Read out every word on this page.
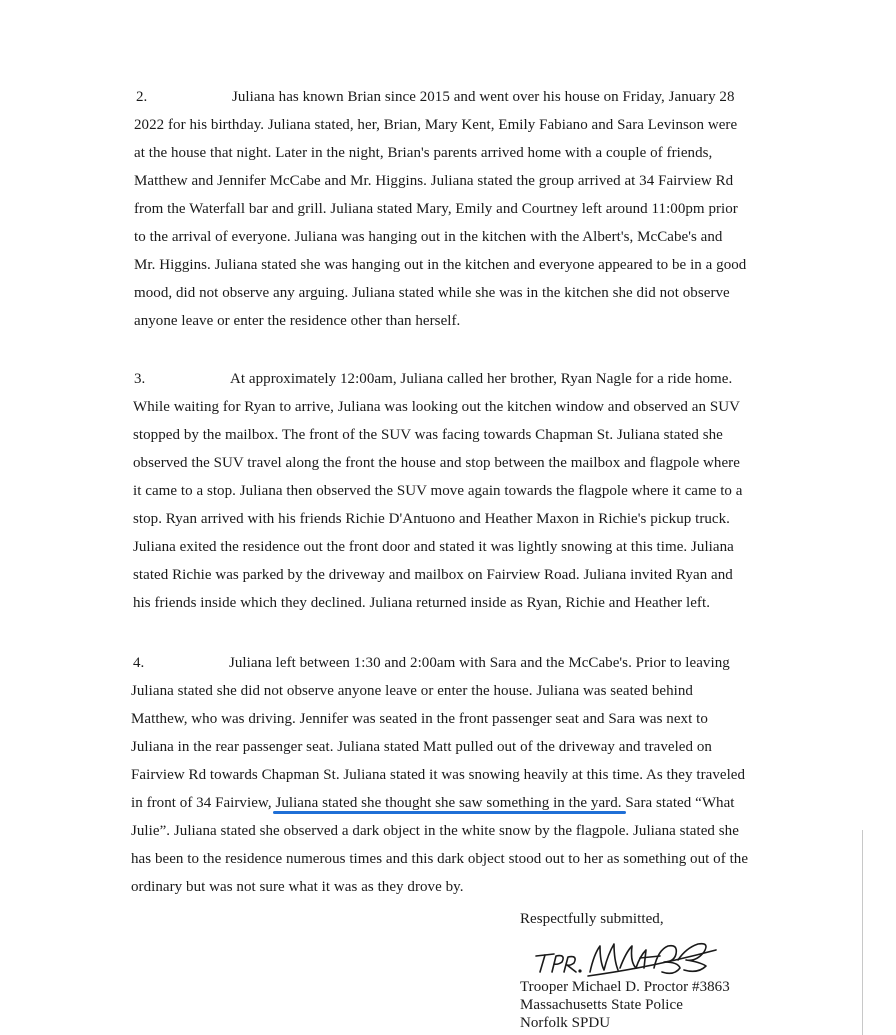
2.	Juliana has known Brian since 2015 and went over his house on Friday, January 28
2022 for his birthday. Juliana stated, her, Brian, Mary Kent, Emily Fabiano and Sara Levinson were
at the house that night. Later in the night, Brian's parents arrived home with a couple of friends,
Matthew and Jennifer McCabe and Mr. Higgins. Juliana stated the group arrived at 34 Fairview Rd
from the Waterfall bar and grill. Juliana stated Mary, Emily and Courtney left around 11:00pm prior
to the arrival of everyone. Juliana was hanging out in the kitchen with the Albert's, McCabe's and
Mr. Higgins. Juliana stated she was hanging out in the kitchen and everyone appeared to be in a good
mood, did not observe any arguing. Juliana stated while she was in the kitchen she did not observe
anyone leave or enter the residence other than herself.
3.	At approximately 12:00am, Juliana called her brother, Ryan Nagle for a ride home.
While waiting for Ryan to arrive, Juliana was looking out the kitchen window and observed an SUV
stopped by the mailbox. The front of the SUV was facing towards Chapman St. Juliana stated she
observed the SUV travel along the front the house and stop between the mailbox and flagpole where
it came to a stop. Juliana then observed the SUV move again towards the flagpole where it came to a
stop. Ryan arrived with his friends Richie D'Antuono and Heather Maxon in Richie's pickup truck.
Juliana exited the residence out the front door and stated it was lightly snowing at this time. Juliana
stated Richie was parked by the driveway and mailbox on Fairview Road. Juliana invited Ryan and
his friends inside which they declined. Juliana returned inside as Ryan, Richie and Heather left.
4.	Juliana left between 1:30 and 2:00am with Sara and the McCabe's. Prior to leaving
Juliana stated she did not observe anyone leave or enter the house. Juliana was seated behind
Matthew, who was driving. Jennifer was seated in the front passenger seat and Sara was next to
Juliana in the rear passenger seat. Juliana stated Matt pulled out of the driveway and traveled on
Fairview Rd towards Chapman St. Juliana stated it was snowing heavily at this time. As they traveled
in front of 34 Fairview, Juliana stated she thought she saw something in the yard. Sara stated “What
Julie”. Juliana stated she observed a dark object in the white snow by the flagpole. Juliana stated she
has been to the residence numerous times and this dark object stood out to her as something out of the
ordinary but was not sure what it was as they drove by.
Respectfully submitted,
Trooper Michael D. Proctor #3863
Massachusetts State Police
Norfolk SPDU
